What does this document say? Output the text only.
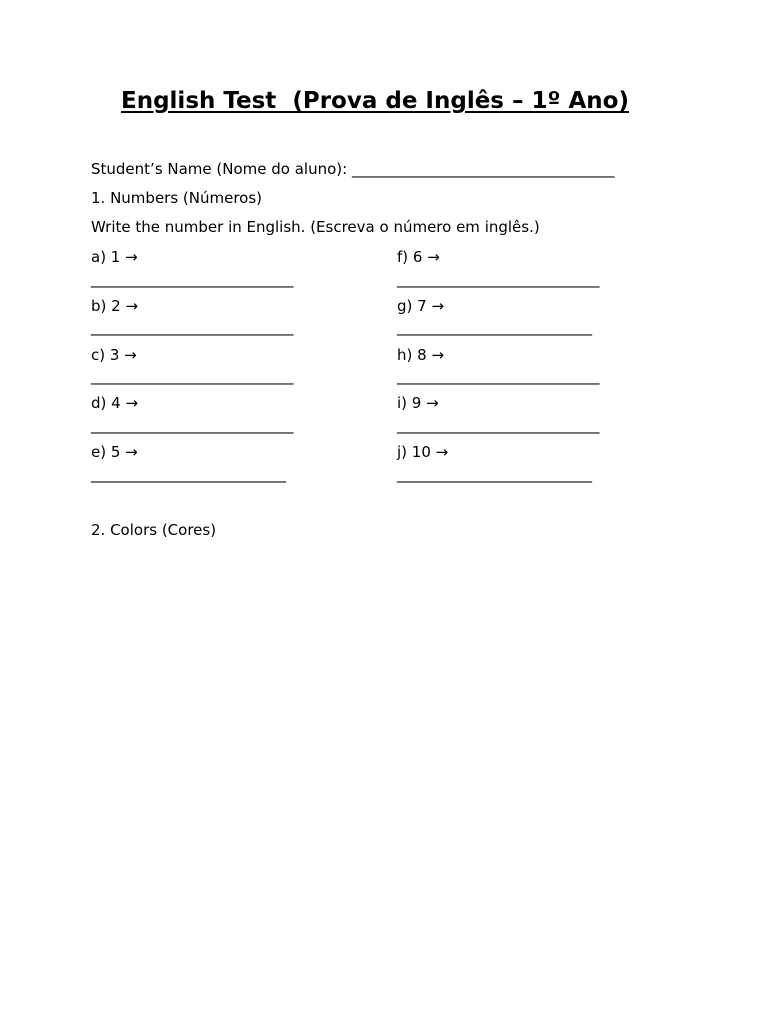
English Test  (Prova de Inglês – 1º Ano)

Student’s Name (Nome do aluno): ___________________________________

1. Numbers (Números)

Write the number in English. (Escreva o número em inglês.)

a) 1 →
___________________________
f) 6 →
___________________________
b) 2 →
___________________________
g) 7 →
__________________________
c) 3 →
___________________________
h) 8 →
___________________________
d) 4 →
___________________________
i) 9 →
___________________________
e) 5 →
__________________________
j) 10 →
__________________________

2. Colors (Cores)
